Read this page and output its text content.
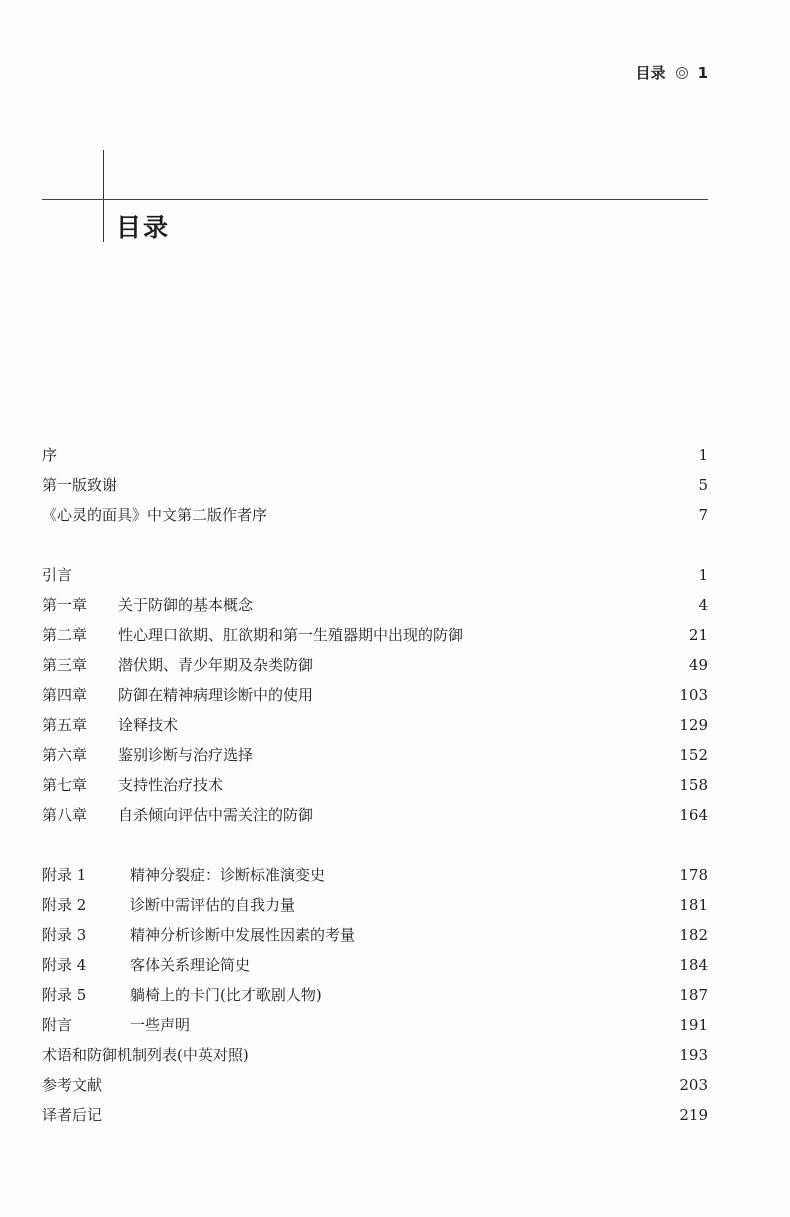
目录 1
目录
序	1
第一版 致谢	5
《心灵的面具》中文第二版作者序	7
引言	1
第一章	关于防御的基本概念	4
第二章	性心理口欲期、肛欲期和第一生殖器期中出现的防御	21
第三章	潜伏期、青少年期及杂类防御	49
第四章	防御在精神病理诊断中的使用	103
第五章	诠释技术	129
第六章	鉴别诊断与治疗选择	152
第七章	支持性治疗技术	158
第八章	自杀倾向评估中需关注的防御	164
附录 1	精神分裂症：诊断标准演变史	178
附录 2	诊断中需评估的自我力量	181
附录 3	精神分析诊断中发展性因素的考量	182
附录 4	客体关系理论简史	184
附录 5	躺椅上的卡门(比才歌剧人物)	187
附言	一些声明	191
术语和防御机制列表(中英对照)	193
参考文献	203
译者后记	219
